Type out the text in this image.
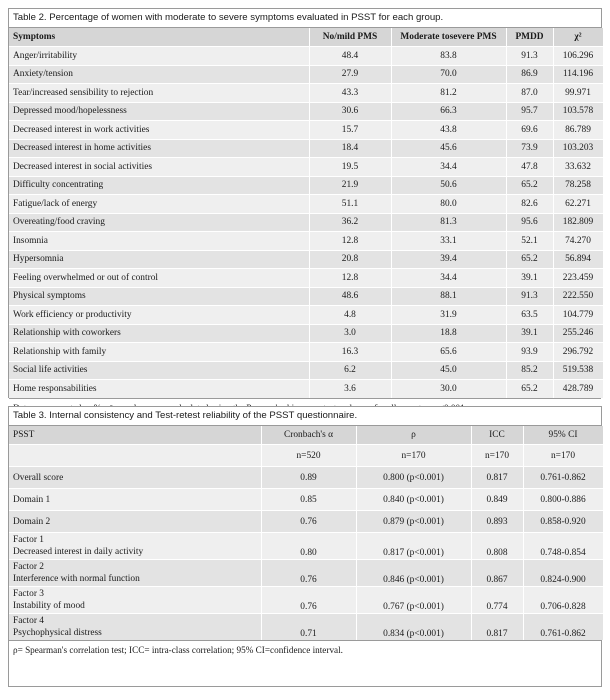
Table 2. Percentage of women with moderate to severe symptoms evaluated in PSST for each group.
Symptoms	No/mild PMS	Moderate tosevere PMS	PMDD	χ²
Anger/irritability	48.4	83.8	91.3	106.296
Anxiety/tension	27.9	70.0	86.9	114.196
Tear/increased sensibility to rejection	43.3	81.2	87.0	99.971
Depressed mood/hopelessness	30.6	66.3	95.7	103.578
Decreased interest in work activities	15.7	43.8	69.6	86.789
Decreased interest in home activities	18.4	45.6	73.9	103.203
Decreased interest in social activities	19.5	34.4	47.8	33.632
Difficulty concentrating	21.9	50.6	65.2	78.258
Fatigue/lack of energy	51.1	80.0	82.6	62.271
Overeating/food craving	36.2	81.3	95.6	182.809
Insomnia	12.8	33.1	52.1	74.270
Hypersomnia	20.8	39.4	65.2	56.894
Feeling overwhelmed or out of control	12.8	34.4	39.1	223.459
Physical symptoms	48.6	88.1	91.3	222.550
Work efficiency or productivity	4.8	31.9	63.5	104.779
Relationship with coworkers	3.0	18.8	39.1	255.246
Relationship with family	16.3	65.6	93.9	296.792
Social life activities	6.2	45.0	85.2	519.538
Home responsabilities	3.6	30.0	65.2	428.789
Table 3. Internal consistency and Test-retest reliability of the PSST questionnaire.
PSST	Cronbach's α	ρ	ICC	95% CI
	n=520	n=170	n=170	n=170

Overall score	0.89	0.800 (p<0.001)	0.817	0.761-0.862

Domain 1	0.85	0.840 (p<0.001)	0.849	0.800-0.886

Domain 2	0.76	0.879 (p<0.001)	0.893	0.858-0.920

Factor 1
Decreased interest in daily activity	0.80	0.817 (p<0.001)	0.808	0.748-0.854

Factor 2
Interference with normal function	0.76	0.846 (p<0.001)	0.867	0.824-0.900

Factor 3
Instability of mood	0.76	0.767 (p<0.001)	0.774	0.706-0.828

Factor 4
Psychophysical distress	0.71	0.834 (p<0.001)	0.817	0.761-0.862
ρ= Spearman's correlation test; ICC= intra-class correlation; 95% CI=confidence interval.
